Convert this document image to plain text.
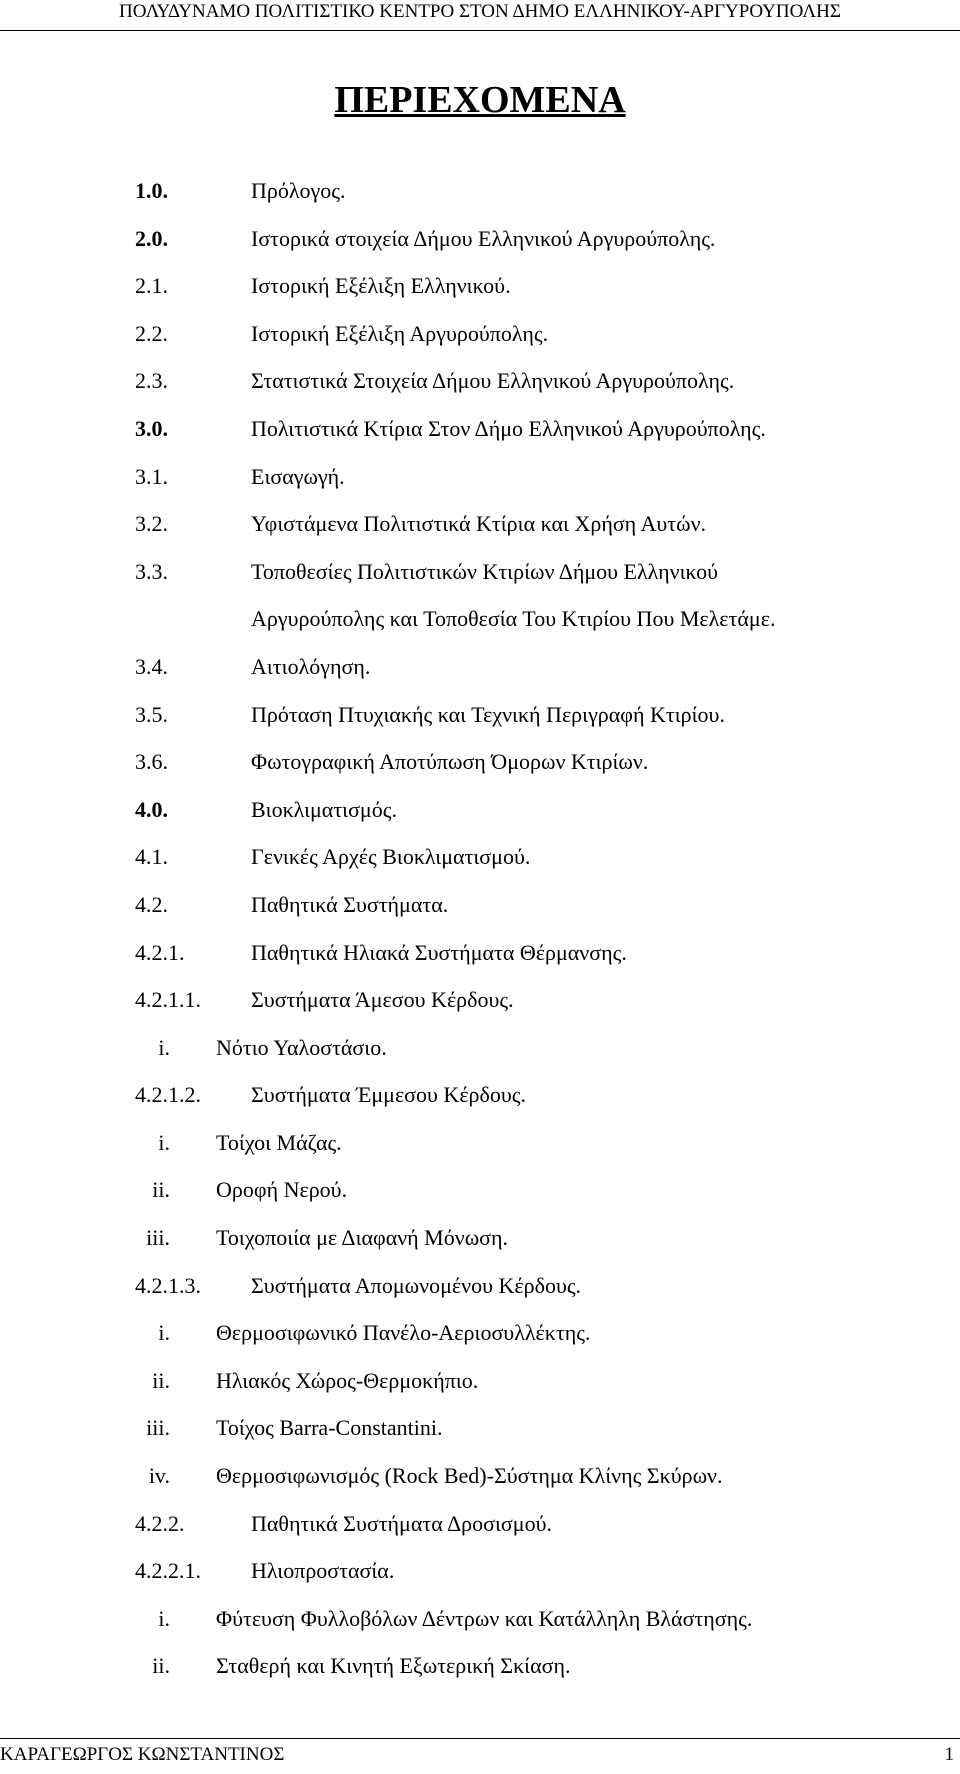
ΠΟΛΥΔΥΝΑΜΟ ΠΟΛΙΤΙΣΤΙΚΟ ΚΕΝΤΡΟ ΣΤΟΝ ΔΗΜΟ ΕΛΛΗΝΙΚΟΥ-ΑΡΓΥΡΟΥΠΟΛΗΣ
ΠΕΡΙΕΧΟΜΕΝΑ
1.0.	Πρόλογος.
2.0.	Ιστορικά στοιχεία Δήμου Ελληνικού Αργυρούπολης.
2.1.	Ιστορική Εξέλιξη Ελληνικού.
2.2.	Ιστορική Εξέλιξη Αργυρούπολης.
2.3.	Στατιστικά Στοιχεία Δήμου Ελληνικού Αργυρούπολης.
3.0.	Πολιτιστικά Κτίρια Στον Δήμο Ελληνικού Αργυρούπολης.
3.1.	Εισαγωγή.
3.2.	Υφιστάμενα Πολιτιστικά Κτίρια και Χρήση Αυτών.
3.3.	Τοποθεσίες Πολιτιστικών Κτιρίων Δήμου Ελληνικού
Αργυρούπολης και Τοποθεσία Του Κτιρίου Που Μελετάμε.
3.4.	Αιτιολόγηση.
3.5.	Πρόταση Πτυχιακής και Τεχνική Περιγραφή Κτιρίου.
3.6.	Φωτογραφική Αποτύπωση Όμορων Κτιρίων.
4.0.	Βιοκλιματισμός.
4.1.	Γενικές Αρχές Βιοκλιματισμού.
4.2.	Παθητικά Συστήματα.
4.2.1.	Παθητικά Ηλιακά Συστήματα Θέρμανσης.
4.2.1.1. Συστήματα Άμεσου Κέρδους.
i. Νότιο Υαλοστάσιο.
4.2.1.2. Συστήματα Έμμεσου Κέρδους.
i. Τοίχοι Μάζας.
ii. Οροφή Νερού.
iii. Τοιχοποιία με Διαφανή Μόνωση.
4.2.1.3. Συστήματα Απομωνομένου Κέρδους.
i. Θερμοσιφωνικό Πανέλο-Αεριοσυλλέκτης.
ii. Ηλιακός Χώρος-Θερμοκήπιο.
iii. Τοίχος Barra-Constantini.
iv. Θερμοσιφωνισμός (Rock Bed)-Σύστημα Κλίνης Σκύρων.
4.2.2.	Παθητικά Συστήματα Δροσισμού.
4.2.2.1. Ηλιοπροστασία.
i. Φύτευση Φυλλοβόλων Δέντρων και Κατάλληλη Βλάστησης.
ii. Σταθερή και Κινητή Εξωτερική Σκίαση.
ΚΑΡΑΓΕΩΡΓΟΣ ΚΩΝΣΤΑΝΤΙΝΟΣ	1
